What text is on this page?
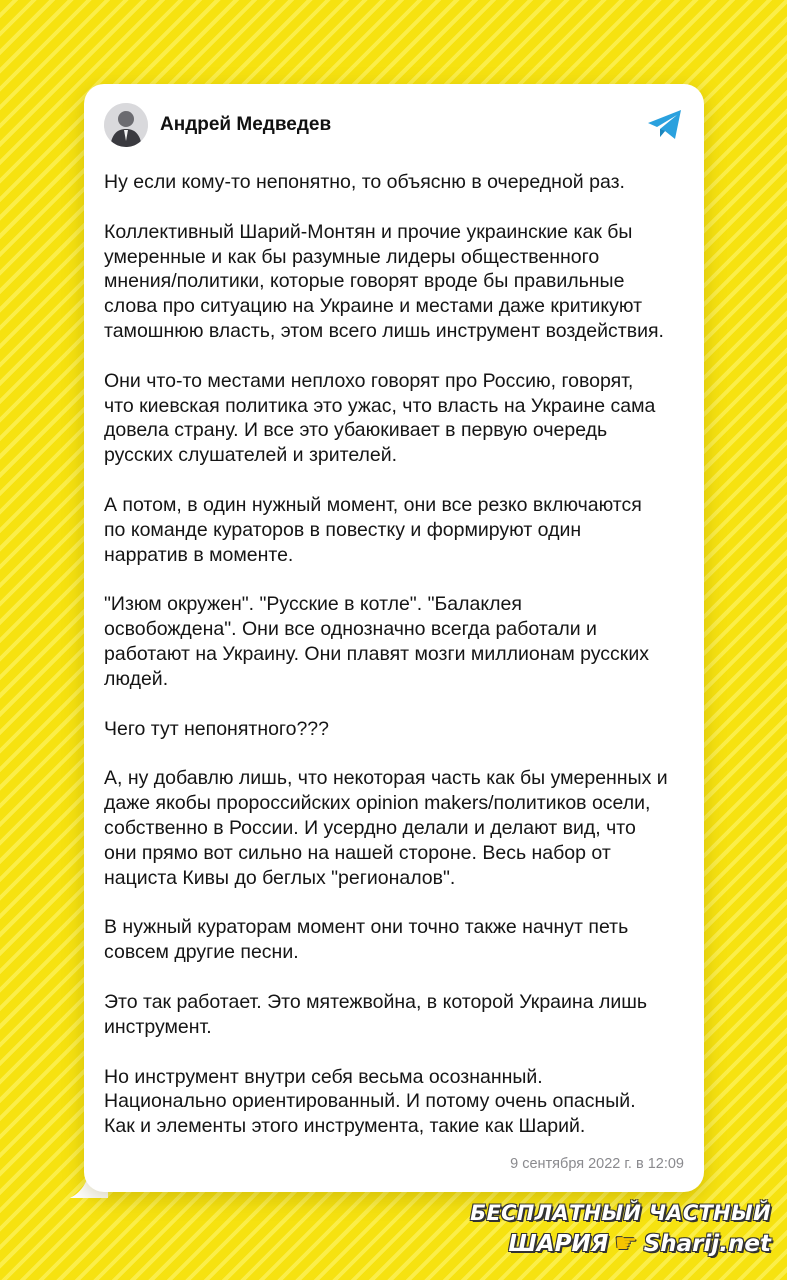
Андрей Медведев

Ну если кому-то непонятно, то объясню в очередной раз.

Коллективный Шарий-Монтян и прочие украинские как бы
умеренные и как бы разумные лидеры общественного
мнения/политики, которые говорят вроде бы правильные
слова про ситуацию на Украине и местами даже критикуют
тамошнюю власть, этом всего лишь инструмент воздействия.

Они что-то местами неплохо говорят про Россию, говорят,
что киевская политика это ужас, что власть на Украине сама
довела страну. И все это убаюкивает в первую очередь
русских слушателей и зрителей.

А потом, в один нужный момент, они все резко включаются
по команде кураторов в повестку и формируют один
нарратив в моменте.

"Изюм окружен". "Русские в котле". "Балаклея
освобождена". Они все однозначно всегда работали и
работают на Украину. Они плавят мозги миллионам русских
людей.

Чего тут непонятного???

А, ну добавлю лишь, что некоторая часть как бы умеренных и
даже якобы пророссийских opinion makers/политиков осели,
собственно в России. И усердно делали и делают вид, что
они прямо вот сильно на нашей стороне. Весь набор от
нациста Кивы до беглых "регионалов".

В нужный кураторам момент они точно также начнут петь
совсем другие песни.

Это так работает. Это мятежвойна, в которой Украина лишь
инструмент.

Но инструмент внутри себя весьма осознанный.
Национально ориентированный. И потому очень опасный.
Как и элементы этого инструмента, такие как Шарий.

9 сентября 2022 г. в 12:09
БЕСПЛАТНЫЙ ЧАСТНЫЙ
ШАРИЯ ☛ Sharij.net
